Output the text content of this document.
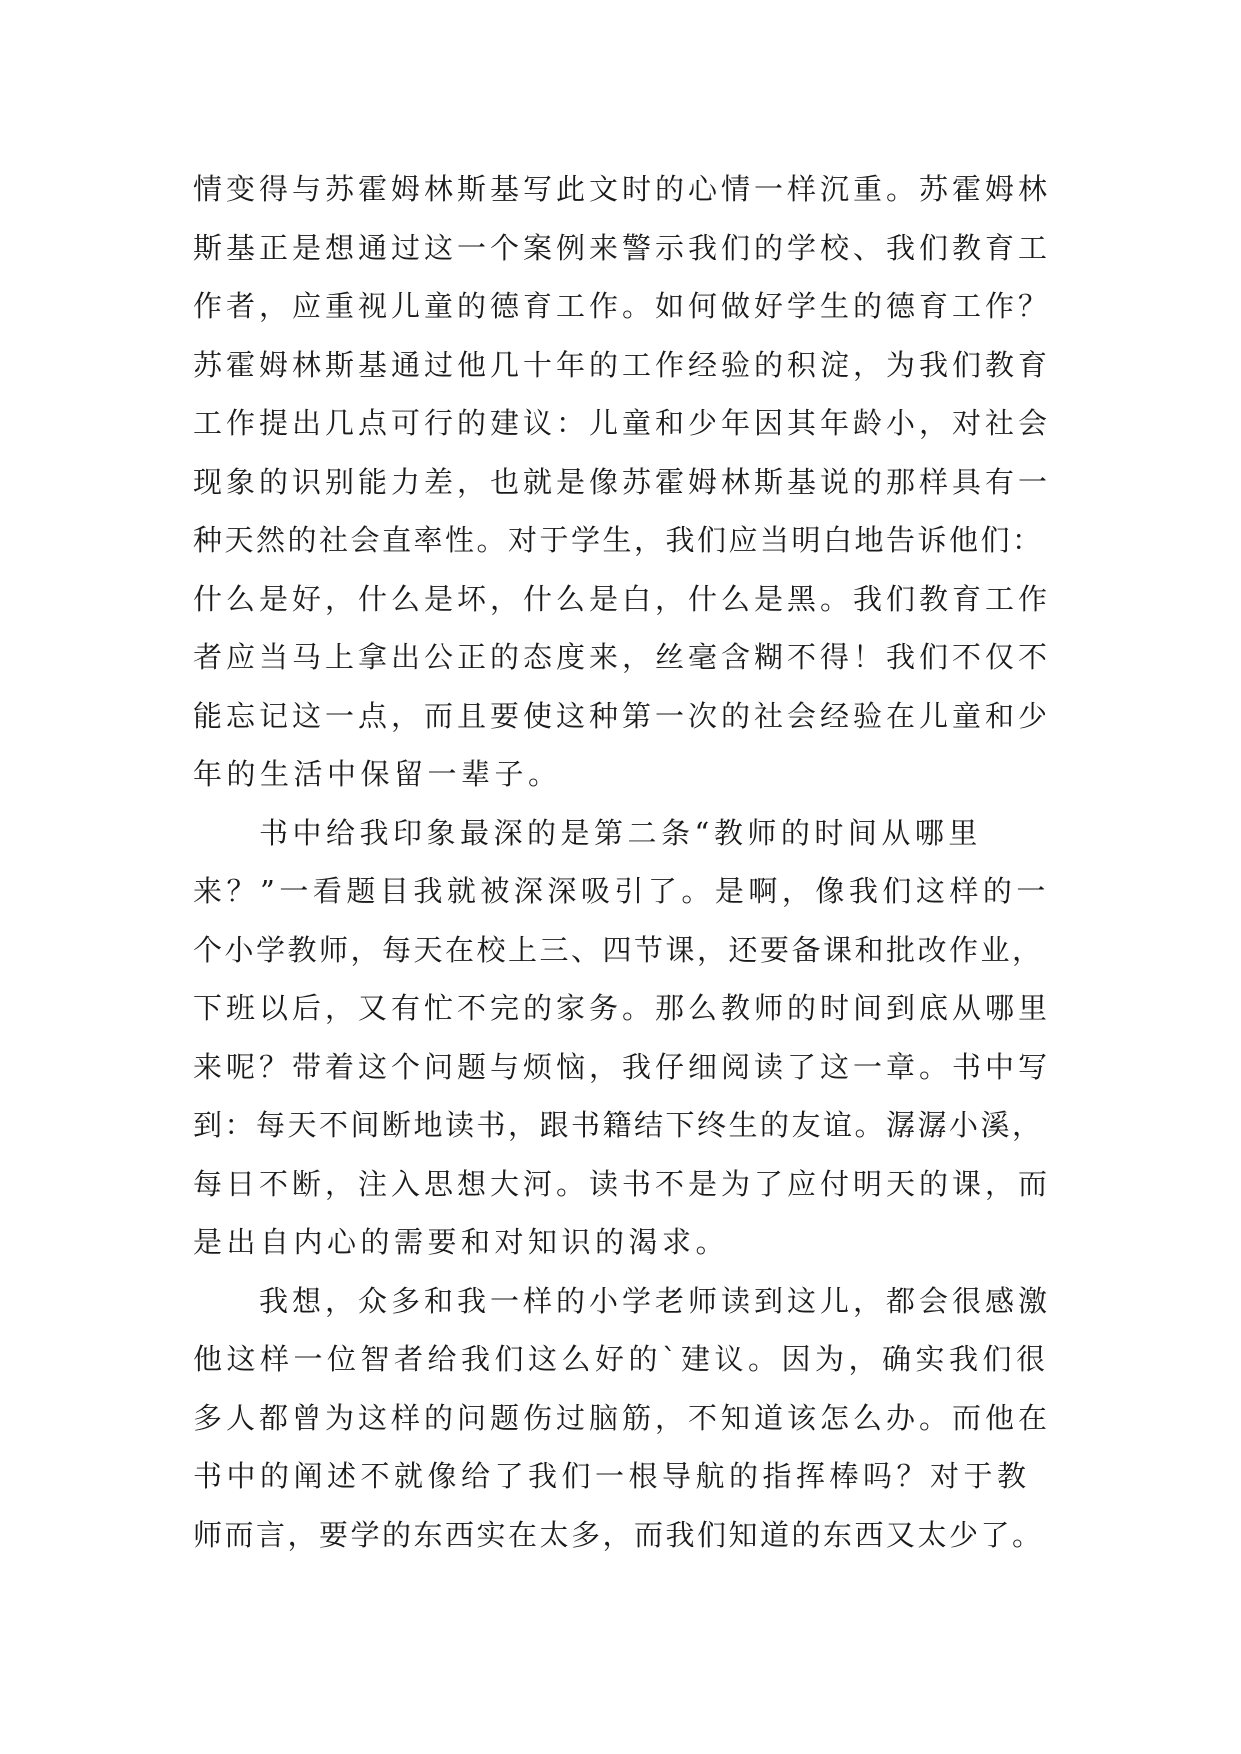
情变得与苏霍姆林斯基写此文时的心情一样沉重。苏霍姆林
斯基正是想通过这一个案例来警示我们的学校、我们教育工
作者，应重视儿童的德育工作。如何做好学生的德育工作？
苏霍姆林斯基通过他几十年的工作经验的积淀，为我们教育
工作提出几点可行的建议：儿童和少年因其年龄小，对社会
现象的识别能力差，也就是像苏霍姆林斯基说的那样具有一
种天然的社会直率性。对于学生，我们应当明白地告诉他们：
什么是好，什么是坏，什么是白，什么是黑。我们教育工作
者应当马上拿出公正的态度来，丝毫含糊不得！我们不仅不
能忘记这一点，而且要使这种第一次的社会经验在儿童和少
年的生活中保留一辈子。
书中给我印象最深的是第二条“教师的时间从哪里
来？”一看题目我就被深深吸引了。是啊，像我们这样的一
个小学教师，每天在校上三、四节课，还要备课和批改作业，
下班以后，又有忙不完的家务。那么教师的时间到底从哪里
来呢？带着这个问题与烦恼，我仔细阅读了这一章。书中写
到：每天不间断地读书，跟书籍结下终生的友谊。潺潺小溪，
每日不断，注入思想大河。读书不是为了应付明天的课，而
是出自内心的需要和对知识的渴求。
我想，众多和我一样的小学老师读到这儿，都会很感激
他这样一位智者给我们这么好的`建议。因为，确实我们很
多人都曾为这样的问题伤过脑筋，不知道该怎么办。而他在
书中的阐述不就像给了我们一根导航的指挥棒吗？对于教
师而言，要学的东西实在太多，而我们知道的东西又太少了。
